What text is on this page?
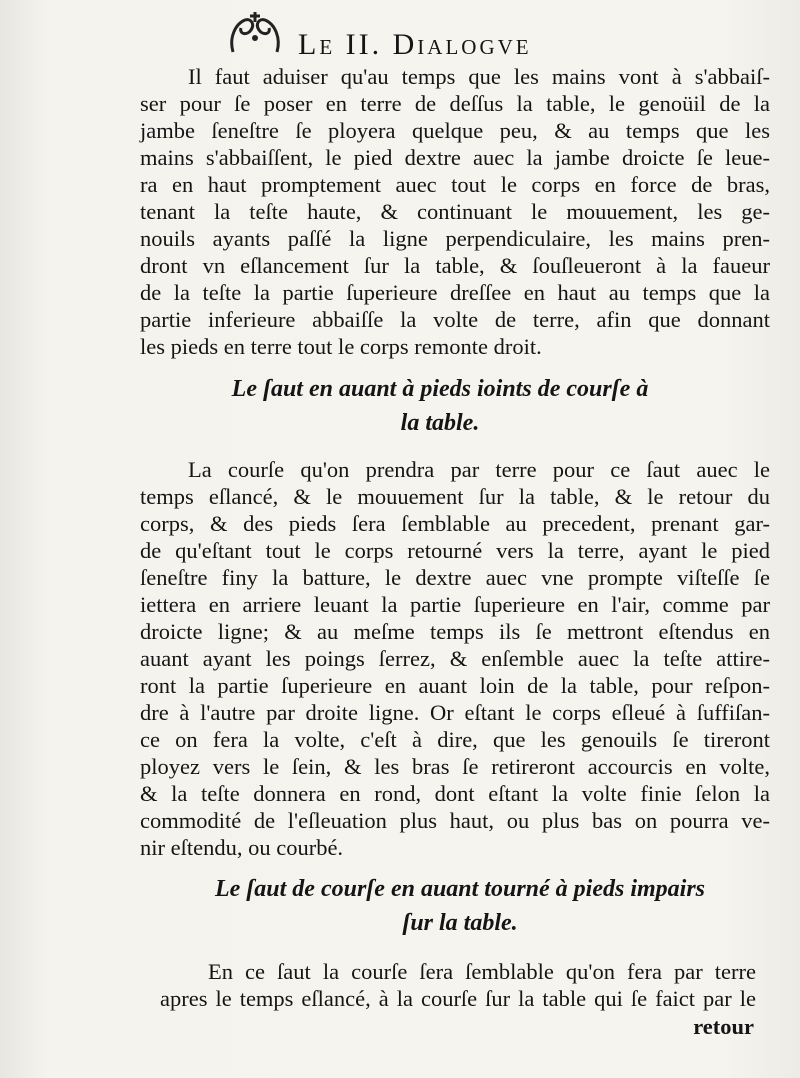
Le II. Dialogve

Il faut aduiser qu'au temps que les mains vont à s'abbaiſ-
ser pour ſe poser en terre de deſſus la table, le genoüil de la
jambe ſeneſtre ſe ployera quelque peu, & au temps que les
mains s'abbaiſſent, le pied dextre auec la jambe droicte ſe leue-
ra en haut promptement auec tout le corps en force de bras,
tenant la teſte haute, & continuant le mouuement, les ge-
nouils ayants paſſé la ligne perpendiculaire, les mains pren-
dront vn eſlancement ſur la table, & ſouſleueront à la faueur
de la teſte la partie ſuperieure dreſſee en haut au temps que la
partie inferieure abbaiſſe la volte de terre, afin que donnant
les pieds en terre tout le corps remonte droit.

Le ſaut en auant à pieds ioints de courſe à
la table.

La courſe qu'on prendra par terre pour ce ſaut auec le
temps eſlancé, & le mouuement ſur la table, & le retour du
corps, & des pieds ſera ſemblable au precedent, prenant gar-
de qu'eſtant tout le corps retourné vers la terre, ayant le pied
ſeneſtre finy la batture, le dextre auec vne prompte viſteſſe ſe
iettera en arriere leuant la partie ſuperieure en l'air, comme par
droicte ligne; & au meſme temps ils ſe mettront eſtendus en
auant ayant les poings ſerrez, & enſemble auec la teſte attire-
ront la partie ſuperieure en auant loin de la table, pour reſpon-
dre à l'autre par droite ligne. Or eſtant le corps eſleué à ſuffiſan-
ce on fera la volte, c'eſt à dire, que les genouils ſe tireront
ployez vers le ſein, & les bras ſe retireront accourcis en volte,
& la teſte donnera en rond, dont eſtant la volte finie ſelon la
commodité de l'eſleuation plus haut, ou plus bas on pourra ve-
nir eſtendu, ou courbé.

Le ſaut de courſe en auant tourné à pieds impairs
ſur la table.

En ce ſaut la courſe ſera ſemblable qu'on fera par terre
apres le temps eſlancé, à la courſe ſur la table qui ſe faict par le

retour
